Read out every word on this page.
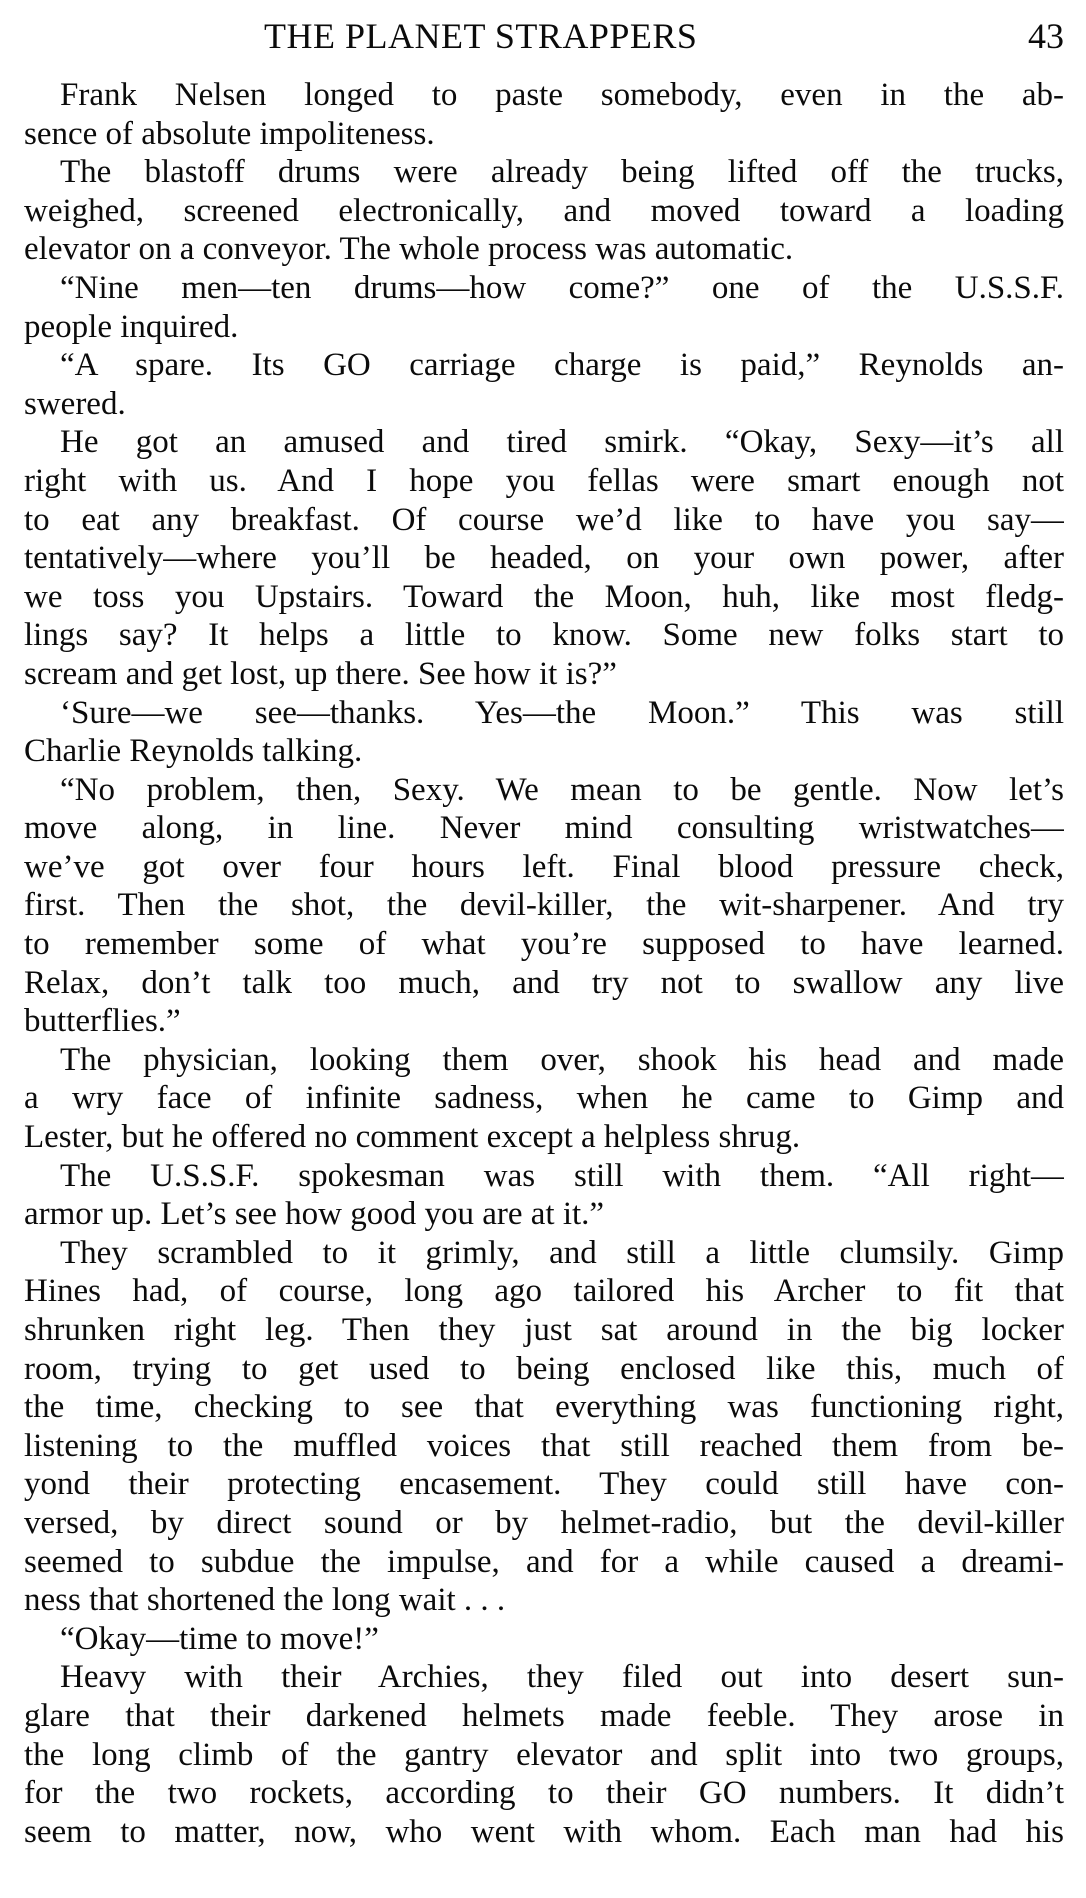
THE PLANET STRAPPERS	43
Frank Nelsen longed to paste somebody, even in the ab-
sence of absolute impoliteness.
The blastoff drums were already being lifted off the trucks,
weighed, screened electronically, and moved toward a loading
elevator on a conveyor. The whole process was automatic.
“Nine men—ten drums—how come?” one of the U.S.S.F.
people inquired.
“A spare. Its GO carriage charge is paid,” Reynolds an-
swered.
He got an amused and tired smirk. “Okay, Sexy—it’s all
right with us. And I hope you fellas were smart enough not
to eat any breakfast. Of course we’d like to have you say—
tentatively—where you’ll be headed, on your own power, after
we toss you Upstairs. Toward the Moon, huh, like most fledg-
lings say? It helps a little to know. Some new folks start to
scream and get lost, up there. See how it is?”
‘Sure—we see—thanks. Yes—the Moon.” This was still
Charlie Reynolds talking.
“No problem, then, Sexy. We mean to be gentle. Now let’s
move along, in line. Never mind consulting wristwatches—
we’ve got over four hours left. Final blood pressure check,
first. Then the shot, the devil-killer, the wit-sharpener. And try
to remember some of what you’re supposed to have learned.
Relax, don’t talk too much, and try not to swallow any live
butterflies.”
The physician, looking them over, shook his head and made
a wry face of infinite sadness, when he came to Gimp and
Lester, but he offered no comment except a helpless shrug.
The U.S.S.F. spokesman was still with them. “All right—
armor up. Let’s see how good you are at it.”
They scrambled to it grimly, and still a little clumsily. Gimp
Hines had, of course, long ago tailored his Archer to fit that
shrunken right leg. Then they just sat around in the big locker
room, trying to get used to being enclosed like this, much of
the time, checking to see that everything was functioning right,
listening to the muffled voices that still reached them from be-
yond their protecting encasement. They could still have con-
versed, by direct sound or by helmet-radio, but the devil-killer
seemed to subdue the impulse, and for a while caused a dreami-
ness that shortened the long wait . . .
“Okay—time to move!”
Heavy with their Archies, they filed out into desert sun-
glare that their darkened helmets made feeble. They arose in
the long climb of the gantry elevator and split into two groups,
for the two rockets, according to their GO numbers. It didn’t
seem to matter, now, who went with whom. Each man had his
